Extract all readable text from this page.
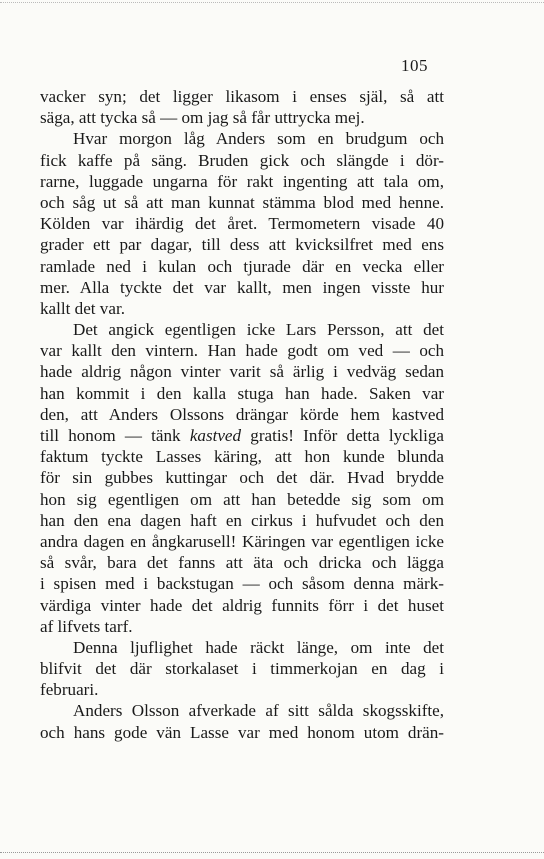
105
vacker syn; det ligger likasom i enses själ, så att
säga, att tycka så — om jag så får uttrycka mej.
Hvar morgon låg Anders som en brudgum och
fick kaffe på säng. Bruden gick och slängde i dör-
rarne, luggade ungarna för rakt ingenting att tala om,
och såg ut så att man kunnat stämma blod med henne.
Kölden var ihärdig det året. Termometern visade 40
grader ett par dagar, till dess att kvicksilfret med ens
ramlade ned i kulan och tjurade där en vecka eller
mer. Alla tyckte det var kallt, men ingen visste hur
kallt det var.
Det angick egentligen icke Lars Persson, att det
var kallt den vintern. Han hade godt om ved — och
hade aldrig någon vinter varit så ärlig i vedväg sedan
han kommit i den kalla stuga han hade. Saken var
den, att Anders Olssons drängar körde hem kastved
till honom — tänk kastved gratis! Inför detta lyckliga
faktum tyckte Lasses käring, att hon kunde blunda
för sin gubbes kuttingar och det där. Hvad brydde
hon sig egentligen om att han betedde sig som om
han den ena dagen haft en cirkus i hufvudet och den
andra dagen en ångkarusell! Käringen var egentligen icke
så svår, bara det fanns att äta och dricka och lägga
i spisen med i backstugan — och såsom denna märk-
värdiga vinter hade det aldrig funnits förr i det huset
af lifvets tarf.
Denna ljuflighet hade räckt länge, om inte det
blifvit det där storkalaset i timmerkojan en dag i
februari.
Anders Olsson afverkade af sitt sålda skogsskifte,
och hans gode vän Lasse var med honom utom drän-
